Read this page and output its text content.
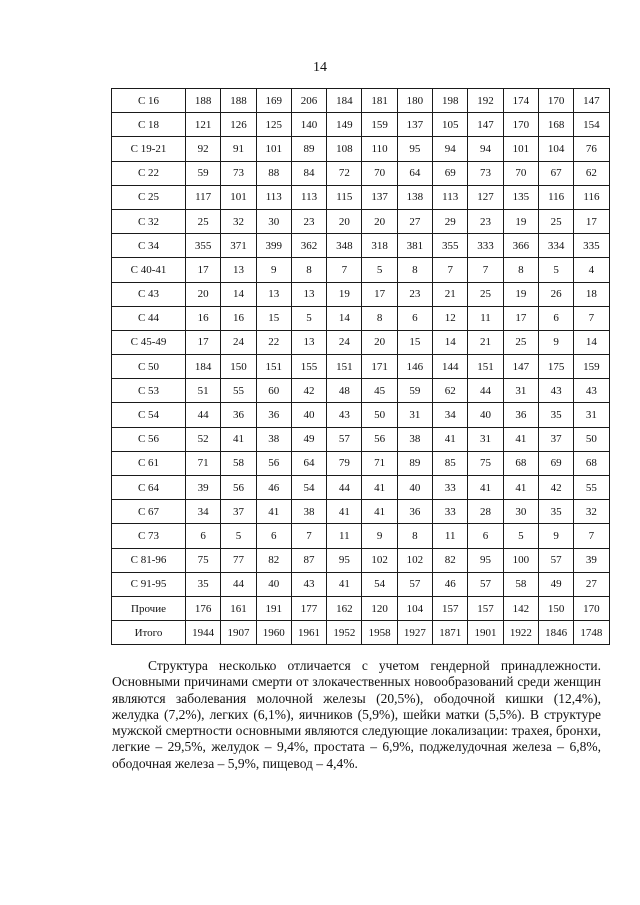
14
С 16	188	188	169	206	184	181	180	198	192	174	170	147
С 18	121	126	125	140	149	159	137	105	147	170	168	154
С 19-21	92	91	101	89	108	110	95	94	94	101	104	76
С 22	59	73	88	84	72	70	64	69	73	70	67	62
С 25	117	101	113	113	115	137	138	113	127	135	116	116
С 32	25	32	30	23	20	20	27	29	23	19	25	17
С 34	355	371	399	362	348	318	381	355	333	366	334	335
С 40-41	17	13	9	8	7	5	8	7	7	8	5	4
С 43	20	14	13	13	19	17	23	21	25	19	26	18
С 44	16	16	15	5	14	8	6	12	11	17	6	7
С 45-49	17	24	22	13	24	20	15	14	21	25	9	14
С 50	184	150	151	155	151	171	146	144	151	147	175	159
С 53	51	55	60	42	48	45	59	62	44	31	43	43
С 54	44	36	36	40	43	50	31	34	40	36	35	31
С 56	52	41	38	49	57	56	38	41	31	41	37	50
С 61	71	58	56	64	79	71	89	85	75	68	69	68
С 64	39	56	46	54	44	41	40	33	41	41	42	55
С 67	34	37	41	38	41	41	36	33	28	30	35	32
С 73	6	5	6	7	11	9	8	11	6	5	9	7
С 81-96	75	77	82	87	95	102	102	82	95	100	57	39
С 91-95	35	44	40	43	41	54	57	46	57	58	49	27
Прочие	176	161	191	177	162	120	104	157	157	142	150	170
Итого	1944	1907	1960	1961	1952	1958	1927	1871	1901	1922	1846	1748

Структура несколько отличается с учетом гендерной принадлежности. Основными причинами смерти от злокачественных новообразований среди женщин являются заболевания молочной железы (20,5%), ободочной кишки (12,4%), желудка (7,2%), легких (6,1%), яичников (5,9%), шейки матки (5,5%). В структуре мужской смертности основными являются следующие локализации: трахея, бронхи, легкие – 29,5%, желудок – 9,4%, простата – 6,9%, поджелудочная железа – 6,8%, ободочная железа – 5,9%, пищевод – 4,4%.
